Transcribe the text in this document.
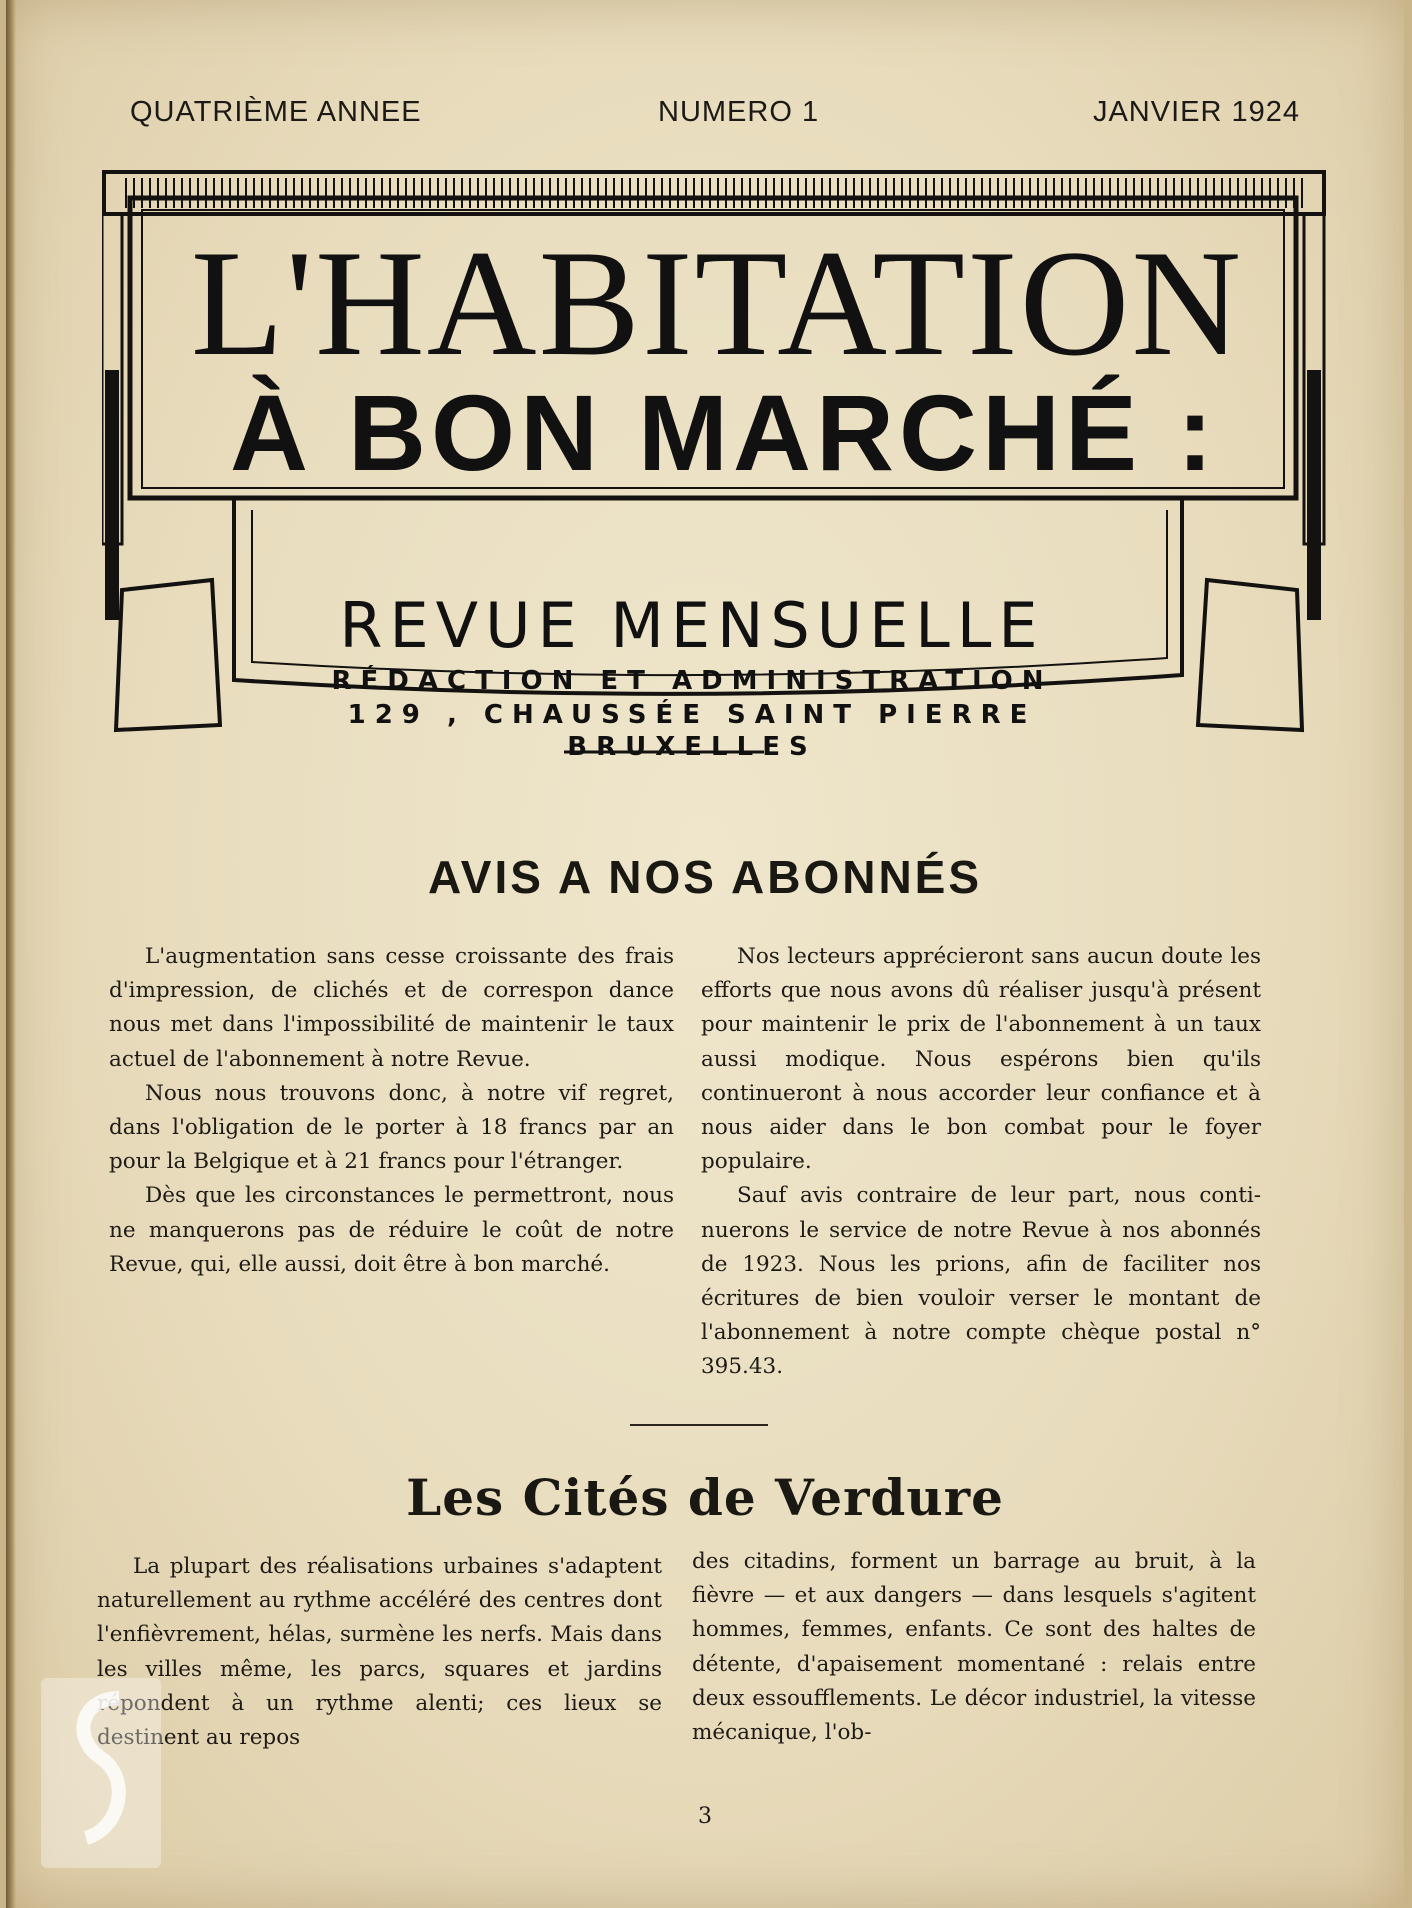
QUATRIÈME ANNEE	NUMERO 1	JANVIER 1924
L'HABITATION
À BON MARCHÉ :
REVUE MENSUELLE
RÉDACTION ET ADMINISTRATION
129 , CHAUSSÉE SAINT PIERRE
BRUXELLES
AVIS A NOS ABONNÉS

L'augmentation sans cesse croissante des frais d'impression, de clichés et de correspon dance nous met dans l'impossibilité de maintenir le taux actuel de l'abonnement à notre Revue.

Nous nous trouvons donc, à notre vif regret, dans l'obligation de le porter à 18 francs par an pour la Belgique et à 21 francs pour l'étranger.

Dès que les circonstances le permettront, nous ne manquerons pas de réduire le coût de notre Revue, qui, elle aussi, doit être à bon marché.

Nos lecteurs apprécieront sans aucun doute les efforts que nous avons dû réaliser jusqu'à présent pour maintenir le prix de l'abonnement à un taux aussi modique. Nous espérons bien qu'ils continueront à nous accorder leur confiance et à nous aider dans le bon combat pour le foyer populaire.

Sauf avis contraire de leur part, nous continuerons le service de notre Revue à nos abonnés de 1923. Nous les prions, afin de faciliter nos écritures de bien vouloir verser le montant de l'abonnement à notre compte chèque postal n° 395.43.

Les Cités de Verdure

La plupart des réalisations urbaines s'adaptent naturellement au rythme accéléré des centres dont l'enfièvrement, hélas, surmène les nerfs. Mais dans les villes même, les parcs, squares et jardins répondent à un rythme alenti; ces lieux se destinent au repos

des citadins, forment un barrage au bruit, à la fièvre — et aux dangers — dans lesquels s'agitent hommes, femmes, enfants. Ce sont des haltes de détente, d'apaisement momentané : relais entre deux essoufflements. Le décor industriel, la vitesse mécanique, l'ob-

3
